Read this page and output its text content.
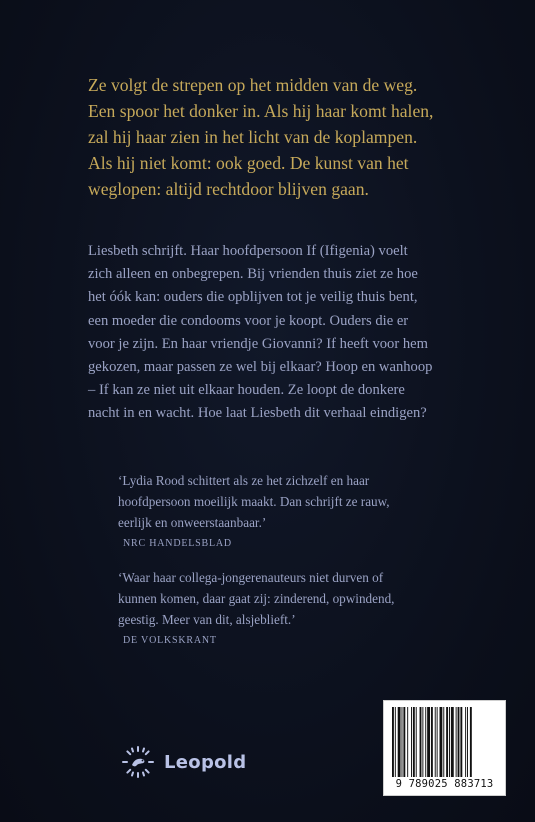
Ze volgt de strepen op het midden van de weg.
Een spoor het donker in. Als hij haar komt halen,
zal hij haar zien in het licht van de koplampen.
Als hij niet komt: ook goed. De kunst van het
weglopen: altijd rechtdoor blijven gaan.

Liesbeth schrijft. Haar hoofdpersoon If (Ifigenia) voelt
zich alleen en onbegrepen. Bij vrienden thuis ziet ze hoe
het óók kan: ouders die opblijven tot je veilig thuis bent,
een moeder die condooms voor je koopt. Ouders die er
voor je zijn. En haar vriendje Giovanni? If heeft voor hem
gekozen, maar passen ze wel bij elkaar? Hoop en wanhoop
– If kan ze niet uit elkaar houden. Ze loopt de donkere
nacht in en wacht. Hoe laat Liesbeth dit verhaal eindigen?

‘Lydia Rood schittert als ze het zichzelf en haar
hoofdpersoon moeilijk maakt. Dan schrijft ze rauw,
eerlijk en onweerstaanbaar.’
NRC HANDELSBLAD

‘Waar haar collega-jongerenauteurs niet durven of
kunnen komen, daar gaat zij: zinderend, opwindend,
geestig. Meer van dit, alsjeblieft.’
DE VOLKSKRANT

Leopold
9 789025 883713
